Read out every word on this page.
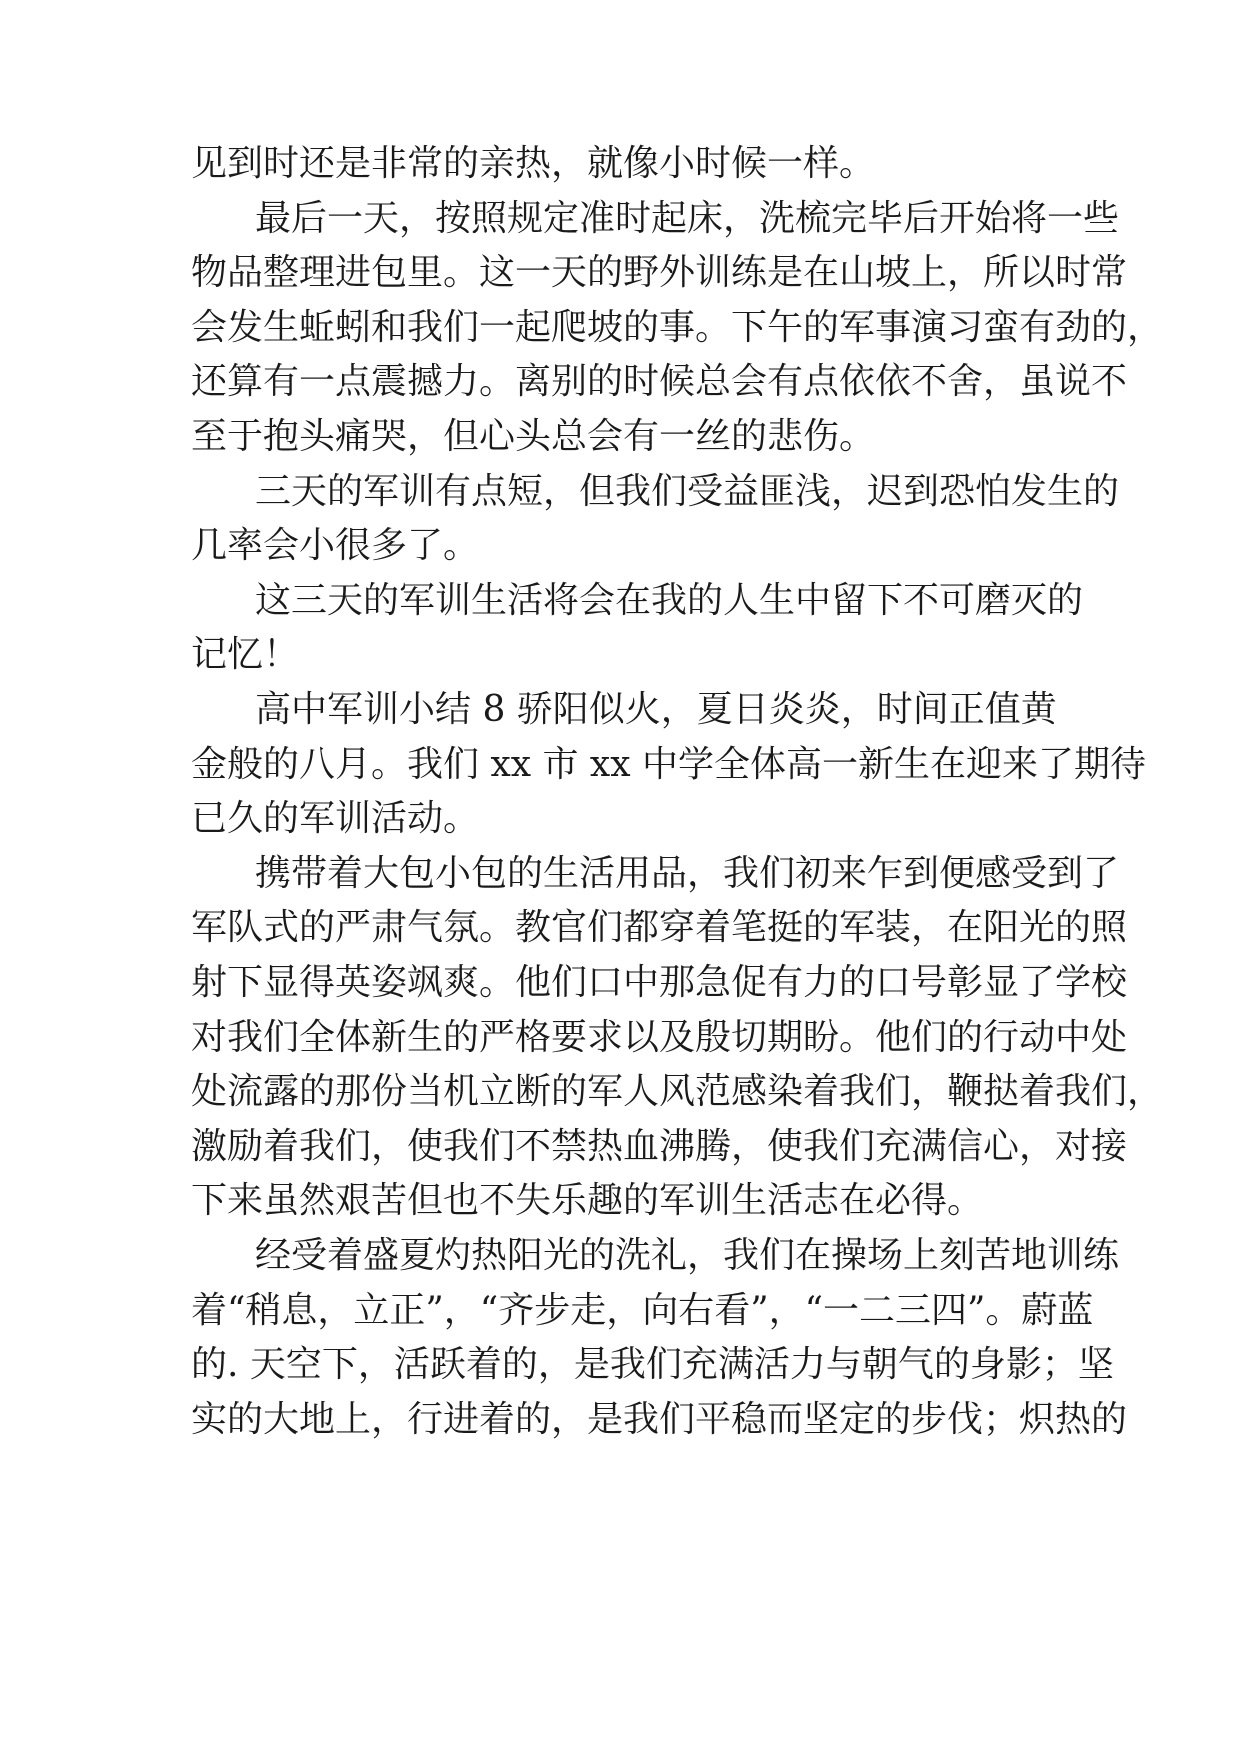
见到时还是非常的亲热，就像小时候一样。
最后一天，按照规定准时起床，洗梳完毕后开始将一些
物品整理进包里。这一天的野外训练是在山坡上，所以时常
会发生蚯蚓和我们一起爬坡的事。下午的军事演习蛮有劲的，
还算有一点震撼力。离别的时候总会有点依依不舍，虽说不
至于抱头痛哭，但心头总会有一丝的悲伤。
三天的军训有点短，但我们受益匪浅，迟到恐怕发生的
几率会小很多了。
这三天的军训生活将会在我的人生中留下不可磨灭的
记忆！
高中军训小结 8 骄阳似火，夏日炎炎，时间正值黄
金般的八月。我们 xx 市 xx 中学全体高一新生在迎来了期待
已久的军训活动。
携带着大包小包的生活用品，我们初来乍到便感受到了
军队式的严肃气氛。教官们都穿着笔挺的军装，在阳光的照
射下显得英姿飒爽。他们口中那急促有力的口号彰显了学校
对我们全体新生的严格要求以及殷切期盼。他们的行动中处
处流露的那份当机立断的军人风范感染着我们，鞭挞着我们，
激励着我们，使我们不禁热血沸腾，使我们充满信心，对接
下来虽然艰苦但也不失乐趣的军训生活志在必得。
经受着盛夏灼热阳光的洗礼，我们在操场上刻苦地训练
着“稍息，立正”，“齐步走，向右看”，“一二三四”。蔚蓝
的. 天空下，活跃着的，是我们充满活力与朝气的身影；坚
实的大地上，行进着的，是我们平稳而坚定的步伐；炽热的
